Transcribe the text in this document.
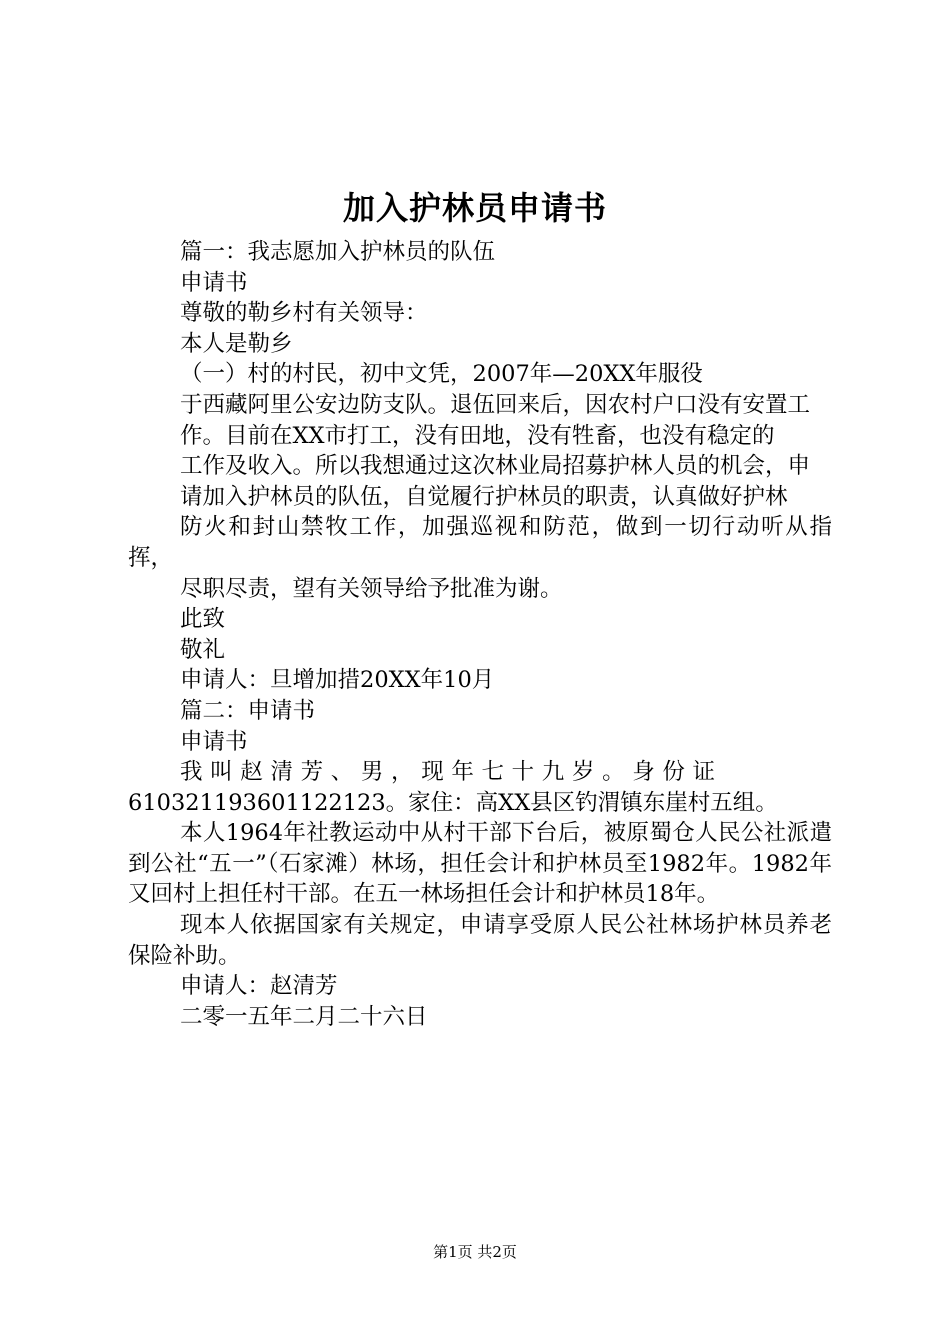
加入护林员申请书

篇一：我志愿加入护林员的队伍

申请书

尊敬的勒乡村有关领导：

本人是勒乡

（一）村的村民，初中文凭，2007年—20XX年服役

于西藏阿里公安边防支队。退伍回来后，因农村户口没有安置工

作。目前在XX市打工，没有田地，没有牲畜，也没有稳定的

工作及收入。所以我想通过这次林业局招募护林人员的机会，申

请加入护林员的队伍，自觉履行护林员的职责，认真做好护林

防火和封山禁牧工作，加强巡视和防范，做到一切行动听从指挥，

尽职尽责，望有关领导给予批准为谢。

此致

敬礼

申请人：旦增加措20XX年10月

篇二：申请书

申请书

我叫赵清芳、男，现年七十九岁。身份证

610321193601122123。家住：高XX县区钓渭镇东崖村五组。

本人1964年社教运动中从村干部下台后，被原蜀仓人民公社派遣到公社“五一”（石家滩）林场，担任会计和护林员至1982年。1982年又回村上担任村干部。在五一林场担任会计和护林员18年。

现本人依据国家有关规定，申请享受原人民公社林场护林员养老保险补助。

申请人：赵清芳

二零一五年二月二十六日

第1页 共2页
